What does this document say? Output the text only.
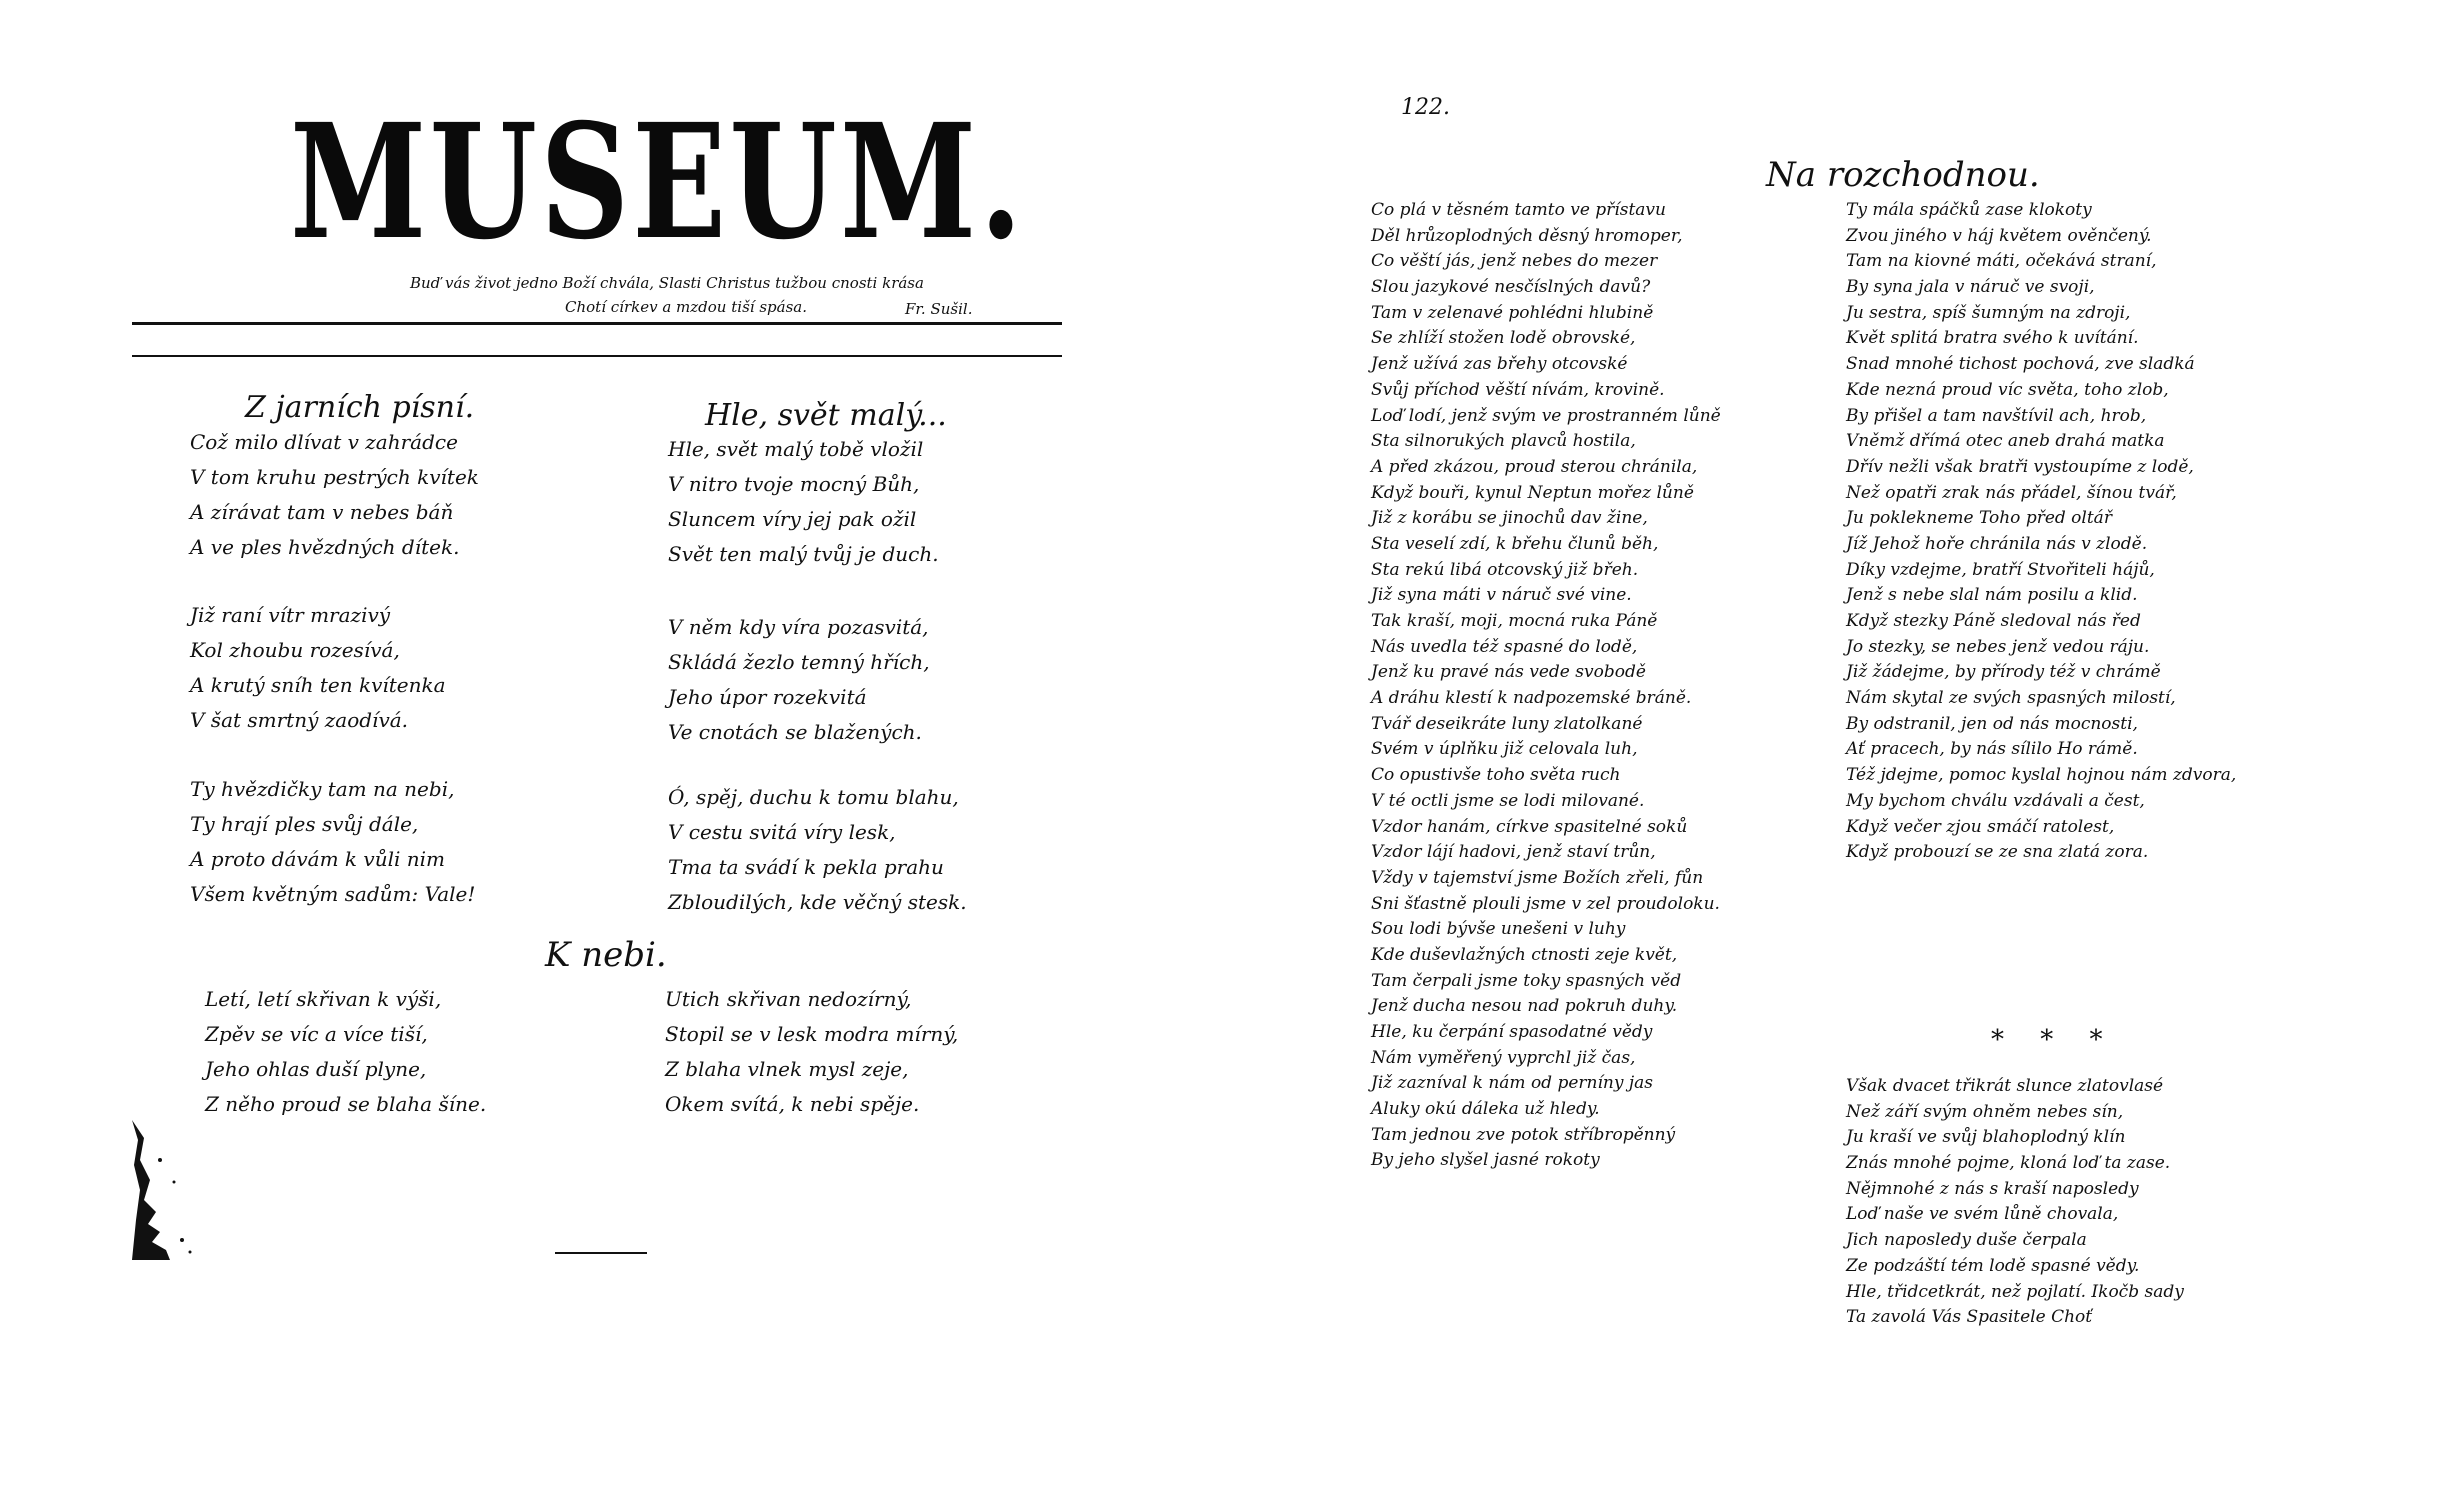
MUSEUM.
Buď vás život jedno Boží chvála, Slasti Christus tužbou cnosti krása
Chotí církev a mzdou tiší spása.	Fr. Sušil.
Z jarních písní.
Což milo dlívat v zahrádce
V tom kruhu pestrých kvítek
A zírávat tam v nebes báň
A ve ples hvězdných dítek.
Již raní vítr mrazivý
Kol zhoubu rozesívá,
A krutý sníh ten kvítenka
V šat smrtný zaodívá.
Ty hvězdičky tam na nebi,
Ty hrají ples svůj dále,
A proto dávám k vůli nim
Všem květným sadům: Vale!
Hle, svět malý...
Hle, svět malý tobě vložil
V nitro tvoje mocný Bůh,
Sluncem víry jej pak ožil
Svět ten malý tvůj je duch.
V něm kdy víra pozasvitá,
Skládá žezlo temný hřích,
Jeho úpor rozekvitá
Ve cnotách se blažených.
Ó, spěj, duchu k tomu blahu,
V cestu svitá víry lesk,
Tma ta svádí k pekla prahu
Zbloudilých, kde věčný stesk.
K nebi.
Letí, letí skřivan k výši,
Zpěv se víc a více tiší,
Jeho ohlas duší plyne,
Z něho proud se blaha šíne.
Utich skřivan nedozírný,
Stopil se v lesk modra mírný,
Z blaha vlnek mysl zeje,
Okem svítá, k nebi spěje.
122.
Na rozchodnou.
Co plá v těsném tamto ve přístavu
Děl hrůzoplodných děsný hromoper,
Co věští jás, jenž nebes do mezer
Slou jazykové nesčíslných davů?
Tam v zelenavé pohlédni hlubině
Se zhlíží stožen lodě obrovské,
Jenž užívá zas břehy otcovské
Svůj příchod věští nívám, krovině.
Loď lodí, jenž svým ve prostranném lůně
Sta silnorukých plavců hostila,
A před zkázou, proud sterou chránila,
Když bouři, kynul Neptun mořez lůně
Již z korábu se jinochů dav žine,
Sta veselí zdí, k břehu člunů běh,
Sta rekú libá otcovský již břeh.
Již syna máti v náruč své vine.
Tak kraší, moji, mocná ruka Páně
Nás uvedla též spasné do lodě,
Jenž ku pravé nás vede svobodě
A dráhu klestí k nadpozemské bráně.
Tvář deseikráte luny zlatolkané
Svém v úplňku již celovala luh,
Co opustivše toho světa ruch
V té octli jsme se lodi milované.
Vzdor hanám, církve spasitelné soků
Vzdor lájí hadovi, jenž staví trůn,
Vždy v tajemství jsme Božích zřeli, fůn
Sni šťastně plouli jsme v zel proudoloku.
Sou lodi bývše unešeni v luhy
Kde duševlažných ctnosti zeje květ,
Tam čerpali jsme toky spasných věd
Jenž ducha nesou nad pokruh duhy.
Hle, ku čerpání spasodatné vědy
Nám vyměřený vyprchl již čas,
Již zazníval k nám od perníny jas
Aluky okú dáleka už hledy.
Tam jednou zve potok stříbropěnný
By jeho slyšel jasné rokoty
Ty mála spáčků zase klokoty
Zvou jiného v háj květem ověnčený.
Tam na kiovné máti, očekává straní,
By syna jala v náruč ve svoji,
Ju sestra, spíš šumným na zdroji,
Květ splitá bratra svého k uvítání.
Snad mnohé tichost pochová, zve sladká
Kde nezná proud víc světa, toho zlob,
By přišel a tam navštívil ach, hrob,
Vněmž dřímá otec aneb drahá matka
Dřív nežli však bratři vystoupíme z lodě,
Než opatři zrak nás přádel, šínou tvář,
Ju poklekneme Toho před oltář
Jíž Jehož hoře chránila nás v zlodě.
Díky vzdejme, bratří Stvořiteli hájů,
Jenž s nebe slal nám posilu a klid.
Když stezky Páně sledoval nás řed
Jo stezky, se nebes jenž vedou ráju.
Již žádejme, by přírody též v chrámě
Nám skytal ze svých spasných milostí,
By odstranil, jen od nás mocnosti,
Ať pracech, by nás sílilo Ho rámě.
Též jdejme, pomoc kyslal hojnou nám zdvora,
My bychom chválu vzdávali a čest,
Když večer zjou smáčí ratolest,
Když probouzí se ze sna zlatá zora.
* * *
Však dvacet třikrát slunce zlatovlasé
Než září svým ohněm nebes sín,
Ju kraší ve svůj blahoplodný klín
Znás mnohé pojme, kloná loď ta zase.
Nějmnohé z nás s kraší naposledy
Loď naše ve svém lůně chovala,
Jich naposledy duše čerpala
Ze podzáští tém lodě spasné vědy.
Hle, třidcetkrát, než pojlatí. Ikočb sady
Ta zavolá Vás Spasitele Choť
